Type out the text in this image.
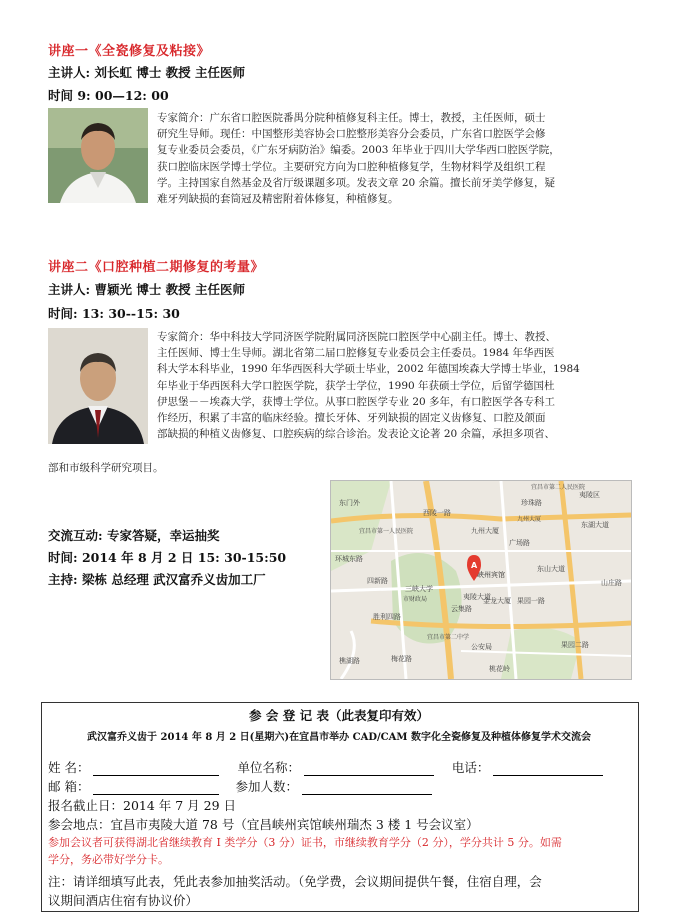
讲座一《全瓷修复及粘接》
主讲人: 刘长虹 博士 教授 主任医师
时间 9: 00—12: 00
专家简介：广东省口腔医院番禺分院种植修复科主任。博士，教授，主任医师，硕士
研究生导师。现任：中国整形美容协会口腔整形美容分会委员，广东省口腔医学会修
复专业委员会委员，《广东牙病防治》编委。2003 年毕业于四川大学华西口腔医学院，
获口腔临床医学博士学位。主要研究方向为口腔种植修复学，生物材料学及组织工程
学。主持国家自然基金及省厅级课题多项。发表文章 20 余篇。擅长前牙美学修复，疑
难牙列缺损的套筒冠及精密附着体修复，种植修复。
讲座二《口腔种植二期修复的考量》
主讲人: 曹颖光 博士 教授 主任医师
时间: 13: 30--15: 30
专家简介：华中科技大学同济医学院附属同济医院口腔医学中心副主任。博士、教授、
主任医师、博士生导师。湖北省第二届口腔修复专业委员会主任委员。1984 年华西医
科大学本科毕业，1990 年华西医科大学硕士毕业，2002 年德国埃森大学博士毕业，1984
年毕业于华西医科大学口腔医学院，获学士学位，1990 年获硕士学位，后留学德国杜
伊思堡－－埃森大学，获博士学位。从事口腔医学专业 20 多年，有口腔医学各专科工
作经历，积累了丰富的临床经验。擅长牙体、牙列缺损的固定义齿修复、口腔及颌面
部缺损的种植义齿修复、口腔疾病的综合诊治。发表论文论著 20 余篇，承担多项省、
部和市级科学研究项目。
东门外
西陵一路
宜昌市第一人民医院	九州大厦
峡州宾馆
夷陵大道
东山大道
三峡大学
云集路
广场路
四新路
环城东路
胜利四路
桃花岭
宜昌市第二中学
公安局
金龙大厦 果园一路
果园二路
宜昌市第二人民医院
珍珠路
东湖大道
山庄路
樵湖路	梅花路
市财政局
夷陵区
九州大厦
A
交流互动: 专家答疑，幸运抽奖
时间: 2014 年 8 月 2 日 15: 30-15:50
主持: 梁栋 总经理 武汉富乔义齿加工厂
参 会 登 记 表（此表复印有效）
武汉富乔义齿于 2014 年 8 月 2 日(星期六)在宜昌市举办 CAD/CAM 数字化全瓷修复及种植体修复学术交流会
姓 名：	单位名称：	电话：
邮 箱：	参加人数：
报名截止日：2014 年 7 月 29 日
参会地点：宜昌市夷陵大道 78 号（宜昌峡州宾馆峡州瑞杰 3 楼 1 号会议室）
参加会议者可获得湖北省继续教育 I 类学分（3 分）证书，市继续教育学分（2 分），学分共计 5 分。如需
学分，务必带好学分卡。
注：请详细填写此表，凭此表参加抽奖活动。（免学费，会议期间提供午餐，住宿自理，会
议期间酒店住宿有协议价）
